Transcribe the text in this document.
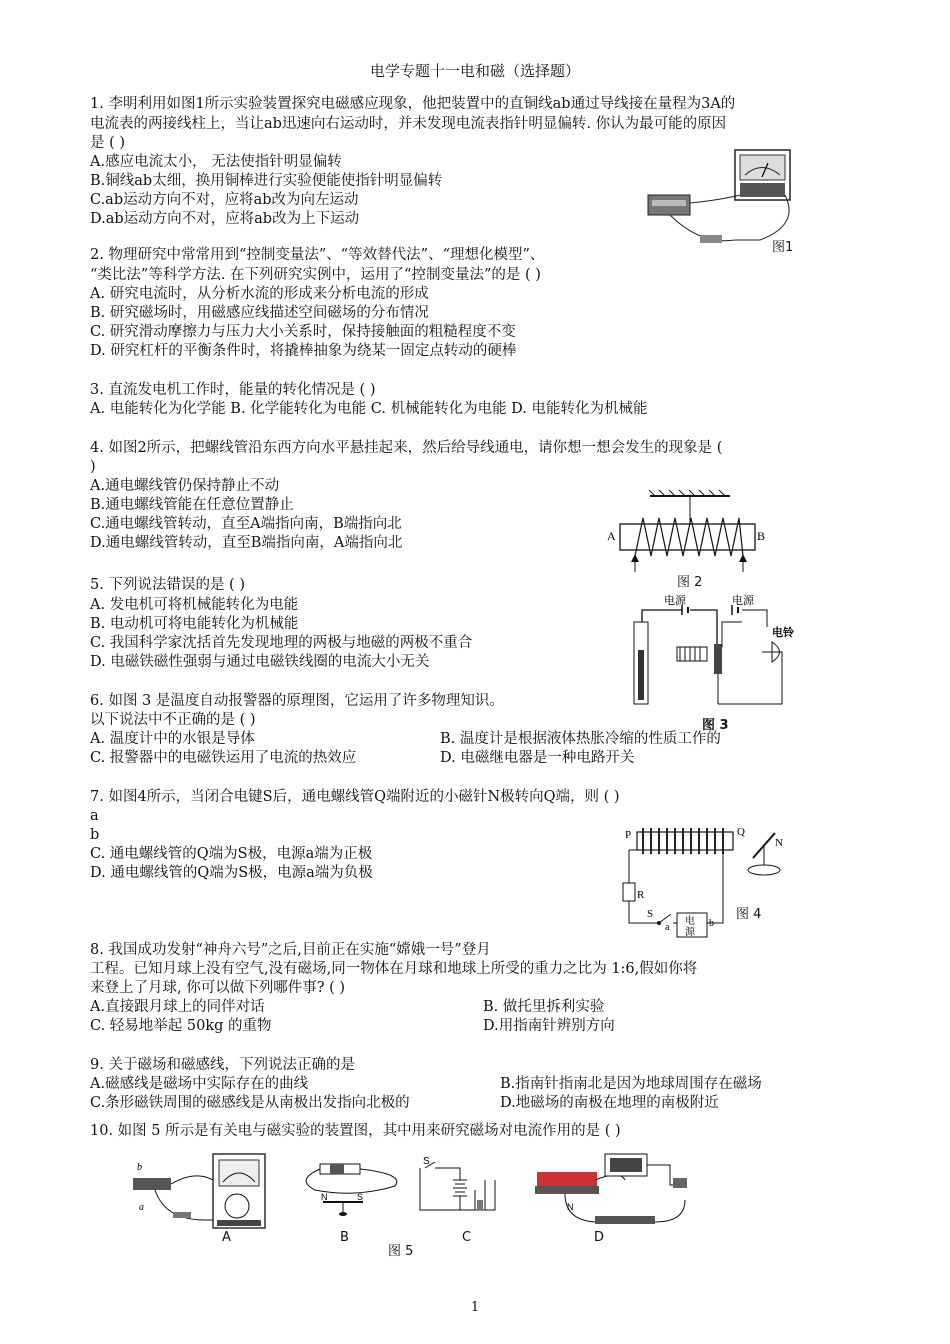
电学专题十一电和磁（选择题）
1. 李明利用如图1所示实验装置探究电磁感应现象，他把装置中的直铜线ab通过导线接在量程为3A的
电流表的两接线柱上，当让ab迅速向右运动时，并未发现电流表指针明显偏转. 你认为最可能的原因
是 ( )
A.感应电流太小， 无法使指针明显偏转
B.铜线ab太细，换用铜棒进行实验便能使指针明显偏转
C.ab运动方向不对，应将ab改为向左运动
D.ab运动方向不对，应将ab改为上下运动
图1
2. 物理研究中常常用到“控制变量法”、“等效替代法”、“理想化模型”、
“类比法”等科学方法. 在下列研究实例中，运用了“控制变量法”的是 ( )
A. 研究电流时，从分析水流的形成来分析电流的形成
B. 研究磁场时，用磁感应线描述空间磁场的分布情况
C. 研究滑动摩擦力与压力大小关系时，保持接触面的粗糙程度不变
D. 研究杠杆的平衡条件时，将撬棒抽象为绕某一固定点转动的硬棒
3. 直流发电机工作时，能量的转化情况是 ( )
A. 电能转化为化学能 B. 化学能转化为电能 C. 机械能转化为电能 D. 电能转化为机械能
4. 如图2所示，把螺线管沿东西方向水平悬挂起来，然后给导线通电，请你想一想会发生的现象是 (
)
A.通电螺线管仍保持静止不动
B.通电螺线管能在任意位置静止
C.通电螺线管转动，直至A端指向南，B端指向北
D.通电螺线管转动，直至B端指向南，A端指向北	A	B
图 2
5. 下列说法错误的是 ( )
A. 发电机可将机械能转化为电能
B. 电动机可将电能转化为机械能
C. 我国科学家沈括首先发现地理的两极与地磁的两极不重合
D. 电磁铁磁性强弱与通过电磁铁线圈的电流大小无关
电源	电源
电铃
图 3
6. 如图 3 是温度自动报警器的原理图，它运用了许多物理知识。
以下说法中不正确的是 ( )
A. 温度计中的水银是导体	B. 温度计是根据液体热胀冷缩的性质工作的
C. 报警器中的电磁铁运用了电流的热效应	D. 电磁继电器是一种电路开关
7. 如图4所示，当闭合电键S后，通电螺线管Q端附近的小磁针N极转向Q端，则 ( )
a
b
C. 通电螺线管的Q端为S极，电源a端为正极
D. 通电螺线管的Q端为S极，电源a端为负极
P	Q
N
R
S
a
电
源
b
图 4
8. 我国成功发射“神舟六号”之后,目前正在实施“嫦娥一号”登月
工程。已知月球上没有空气,没有磁场,同一物体在月球和地球上所受的重力之比为 1:6,假如你将
来登上了月球, 你可以做下列哪件事? ( )
A.直接跟月球上的同伴对话	B. 做托里拆利实验
C. 轻易地举起 50kg 的重物	D.用指南针辨别方向
9. 关于磁场和磁感线，下列说法正确的是
A.磁感线是磁场中实际存在的曲线	B.指南针指南北是因为地球周围存在磁场
C.条形磁铁周围的磁感线是从南极出发指向北极的	D.地磁场的南极在地理的南极附近
10. 如图 5 所示是有关电与磁实验的装置图，其中用来研究磁场对电流作用的是 ( )
b
a
N	S
S
N
A	B	C	D
图 5
1
